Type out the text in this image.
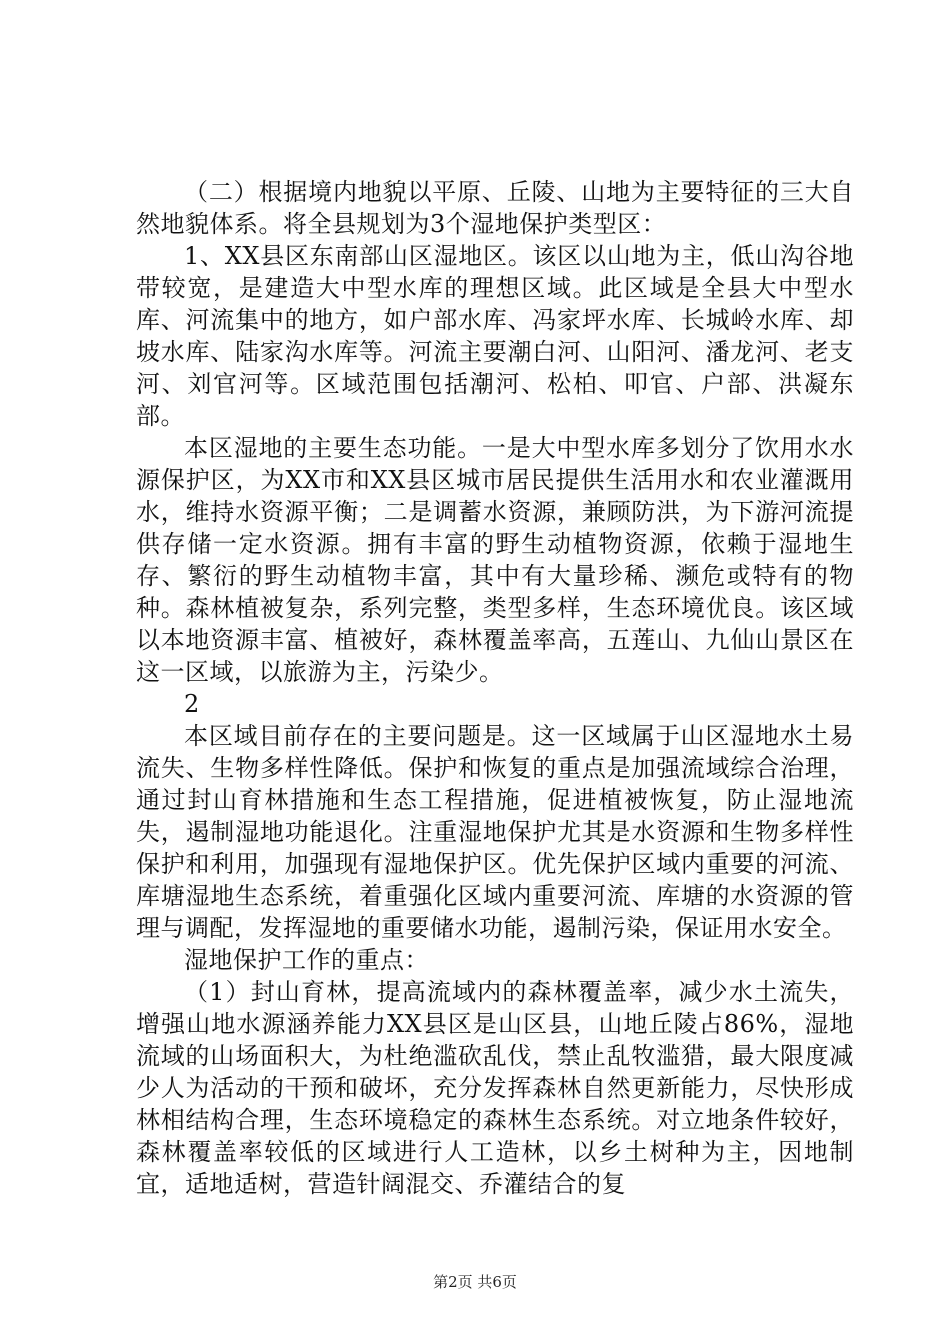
（二）根据境内地貌以平原、丘陵、山地为主要特征的三大自然地貌体系。将全县规划为3个湿地保护类型区：

1、XX县区东南部山区湿地区。该区以山地为主，低山沟谷地带较宽，是建造大中型水库的理想区域。此区域是全县大中型水库、河流集中的地方，如户部水库、冯家坪水库、长城岭水库、却坡水库、陆家沟水库等。河流主要潮白河、山阳河、潘龙河、老支河、刘官河等。区域范围包括潮河、松柏、叩官、户部、洪凝东部。

本区湿地的主要生态功能。一是大中型水库多划分了饮用水水源保护区，为XX市和XX县区城市居民提供生活用水和农业灌溉用水，维持水资源平衡；二是调蓄水资源，兼顾防洪，为下游河流提供存储一定水资源。拥有丰富的野生动植物资源，依赖于湿地生存、繁衍的野生动植物丰富，其中有大量珍稀、濒危或特有的物种。森林植被复杂，系列完整，类型多样，生态环境优良。该区域以本地资源丰富、植被好，森林覆盖率高，五莲山、九仙山景区在这一区域，以旅游为主，污染少。

2

本区域目前存在的主要问题是。这一区域属于山区湿地水土易流失、生物多样性降低。保护和恢复的重点是加强流域综合治理，通过封山育林措施和生态工程措施，促进植被恢复，防止湿地流失，遏制湿地功能退化。注重湿地保护尤其是水资源和生物多样性保护和利用，加强现有湿地保护区。优先保护区域内重要的河流、库塘湿地生态系统，着重强化区域内重要河流、库塘的水资源的管理与调配，发挥湿地的重要储水功能，遏制污染，保证用水安全。

湿地保护工作的重点：

（1）封山育林，提高流域内的森林覆盖率，减少水土流失，增强山地水源涵养能力XX县区是山区县，山地丘陵占86%，湿地流域的山场面积大，为杜绝滥砍乱伐，禁止乱牧滥猎，最大限度减少人为活动的干预和破坏，充分发挥森林自然更新能力，尽快形成林相结构合理，生态环境稳定的森林生态系统。对立地条件较好，森林覆盖率较低的区域进行人工造林，以乡土树种为主，因地制宜，适地适树，营造针阔混交、乔灌结合的复

第2页 共6页
